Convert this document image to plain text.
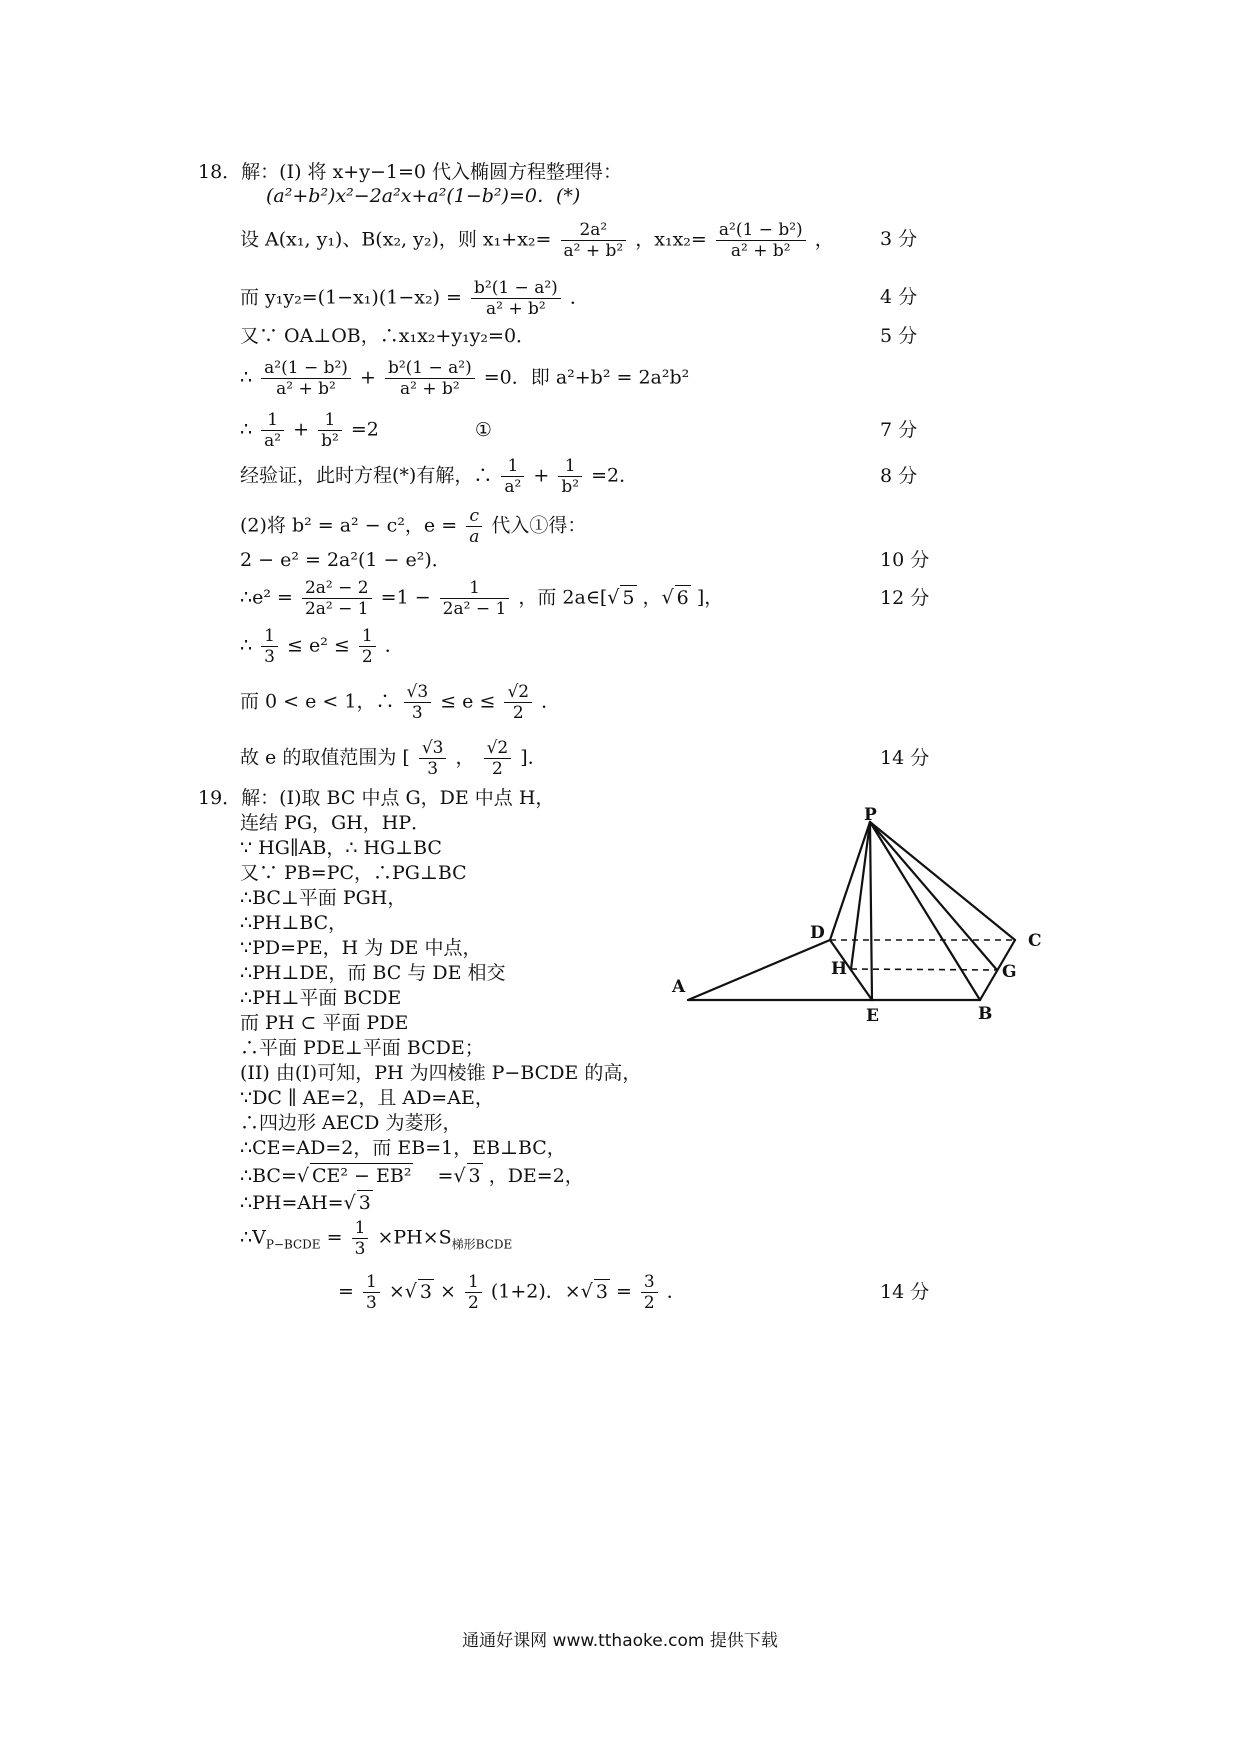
18．解：(I) 将 x+y−1=0 代入椭圆方程整理得：
(a²+b²)x²−2a²x+a²(1−b²)=0．(*)
设 A(x₁, y₁)、B(x₂, y₂)，则 $x_1+x_2= \frac{\text{2a²}}{\text{a² + b²}}$ ，$x_1x_2= \frac{\text{a²(1 − b²)}}{\text{a² + b²}}$ ， 3 分
而 $y_1y_2=(1-x_1)(1-x_2) = \frac{\text{b²(1 − a²)}}{\text{a² + b²}}$ ．	4 分
又∵ OA⊥OB，∴x₁x₂+y₁y₂=0．	5 分
∴ $\frac{\text{a²(1 − b²)}}{\text{a² + b²}} + \frac{\text{b²(1 − a²)}}{\text{a² + b²}} =0$．即 a²+b² = 2a²b²
∴ $\frac{1}{\text{a²}} + \frac{1}{\text{b²}} =2$	①	7 分
经验证，此时方程(*)有解，∴ $\frac{1}{\text{a²}} + \frac{1}{\text{b²}} =2$．	8 分
(2)将 b² = a² − c²，$e = \frac{c}{a}$ 代入①得：
2 − e² = 2a²(1 − e²)．	10 分
∴e² = $\frac{\text{2a² − 2}}{\text{2a² − 1}} =1 - \frac{1}{\text{2a² − 1}}$ ，而 2a∈[√ 5 ，√ 6 ]，	12 分
∴ $\frac{1}{3} \le e^2 \le \frac{1}{2}$ ．
而 0 < e < 1，∴ $\frac{√3}{3} \le e \le \frac{√2}{2}$ ．
故 e 的取值范围为 [ $\frac{√3}{3}$ ， $\frac{√2}{2}$ ]．	14 分
19．解：(I)取 BC 中点 G，DE 中点 H，
连结 PG，GH，HP．
∵ HG∥AB，∴ HG⊥BC
又∵ PB=PC，∴PG⊥BC
∴BC⊥平面 PGH，
∴PH⊥BC，
∵PD=PE，H 为 DE 中点，
∴PH⊥DE，而 BC 与 DE 相交
∴PH⊥平面 BCDE
而 PH ⊂ 平面 PDE
∴平面 PDE⊥平面 BCDE；
(II) 由(I)可知，PH 为四棱锥 P−BCDE 的高，
∵DC ∥ AE=2，且 AD=AE，
∴四边形 AECD 为菱形，
∴CE=AD=2，而 EB=1，EB⊥BC，
∴BC=√ CE² − EB² =√ 3 ，DE=2，
∴PH=AH=√ 3
$\therefore V_{P-BCDE} = \frac{1}{3} \times PH\times S_{梯形BCDE}$
= $\frac{1}{3}$ ×√ $3 \times \frac{1}{2} (1+2)$．×√ $3 = \frac{3}{2}$ ．	14 分
P
D	C
H	G
A
E	B
通通好课网 www.tthaoke.com 提供下载
